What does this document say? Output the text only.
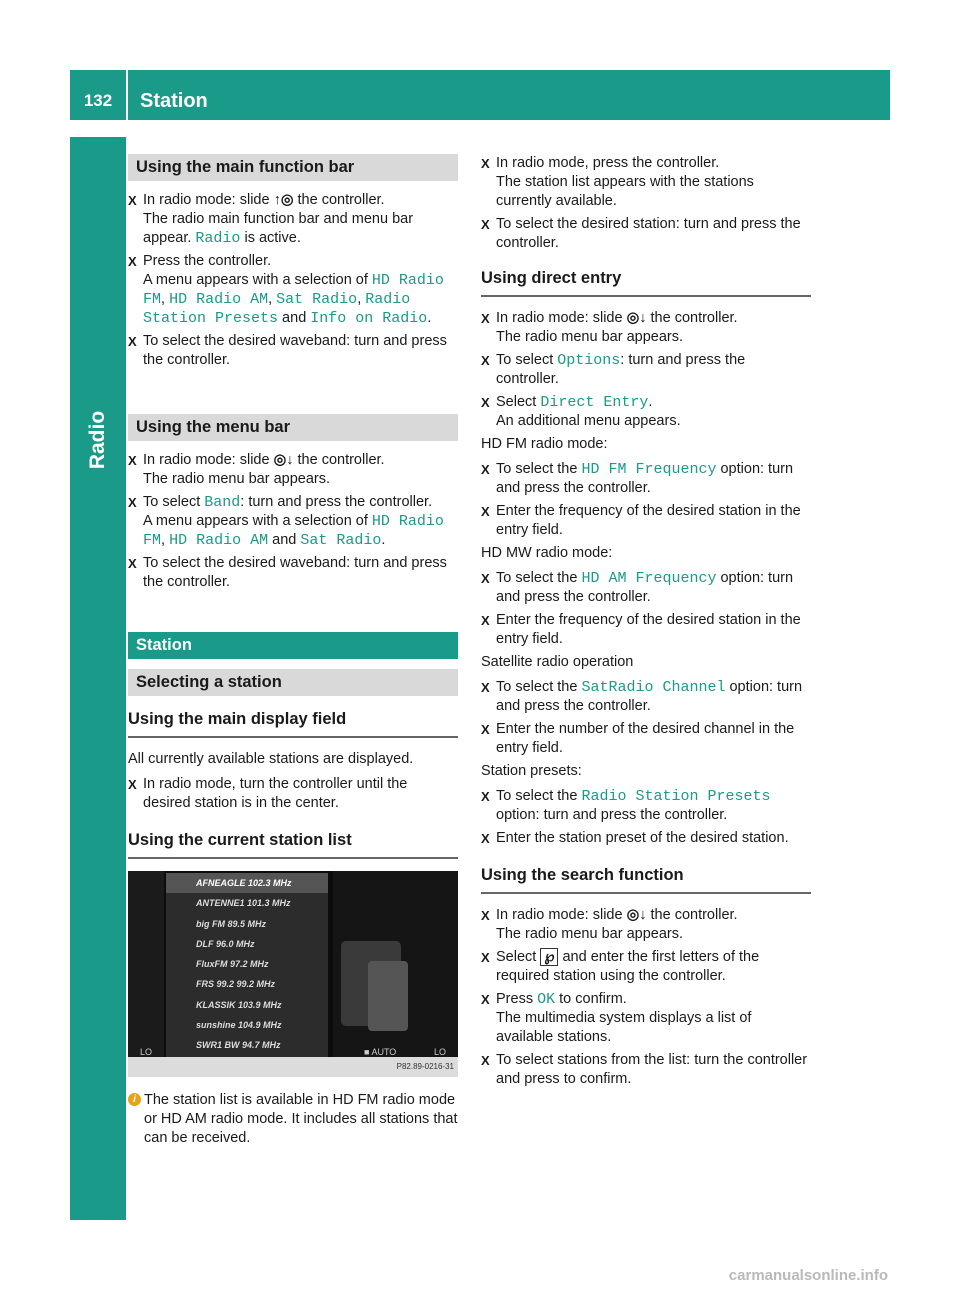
132	Station
Radio
Using the main function bar
X In radio mode: slide ↑◎ the controller.
The radio main function bar and menu bar appear. Radio is active.
X Press the controller.
A menu appears with a selection of HD Radio FM, HD Radio AM, Sat Radio, Radio Station Presets and Info on Radio.
X To select the desired waveband: turn and press the controller.
Using the menu bar
X In radio mode: slide ◎↓ the controller.
The radio menu bar appears.
X To select Band: turn and press the controller.
A menu appears with a selection of HD Radio FM, HD Radio AM and Sat Radio.
X To select the desired waveband: turn and press the controller.
Station
Selecting a station
Using the main display field
All currently available stations are displayed.
X In radio mode, turn the controller until the desired station is in the center.
Using the current station list
AFNEAGLE 102.3 MHz
ANTENNE1 101.3 MHz
big FM 89.5 MHz
DLF 96.0 MHz
FluxFM 97.2 MHz
FRS 99.2 99.2 MHz
KLASSIK 103.9 MHz
sunshine 104.9 MHz
SWR1 BW 94.7 MHz
LO	■ AUTO	LO
P82.89-0216-31
i The station list is available in HD FM radio mode or HD AM radio mode. It includes all stations that can be received.
X In radio mode, press the controller.
The station list appears with the stations currently available.
X To select the desired station: turn and press the controller.
Using direct entry
X In radio mode: slide ◎↓ the controller.
The radio menu bar appears.
X To select Options: turn and press the controller.
X Select Direct Entry.
An additional menu appears.
HD FM radio mode:
X To select the HD FM Frequency option: turn and press the controller.
X Enter the frequency of the desired station in the entry field.
HD MW radio mode:
X To select the HD AM Frequency option: turn and press the controller.
X Enter the frequency of the desired station in the entry field.
Satellite radio operation
X To select the SatRadio Channel option: turn and press the controller.
X Enter the number of the desired channel in the entry field.
Station presets:
X To select the Radio Station Presets option: turn and press the controller.
X Enter the station preset of the desired station.
Using the search function
X In radio mode: slide ◎↓ the controller.
The radio menu bar appears.
X Select ℘ and enter the first letters of the required station using the controller.
X Press OK to confirm.
The multimedia system displays a list of available stations.
X To select stations from the list: turn the controller and press to confirm.
carmanualsonline.info
